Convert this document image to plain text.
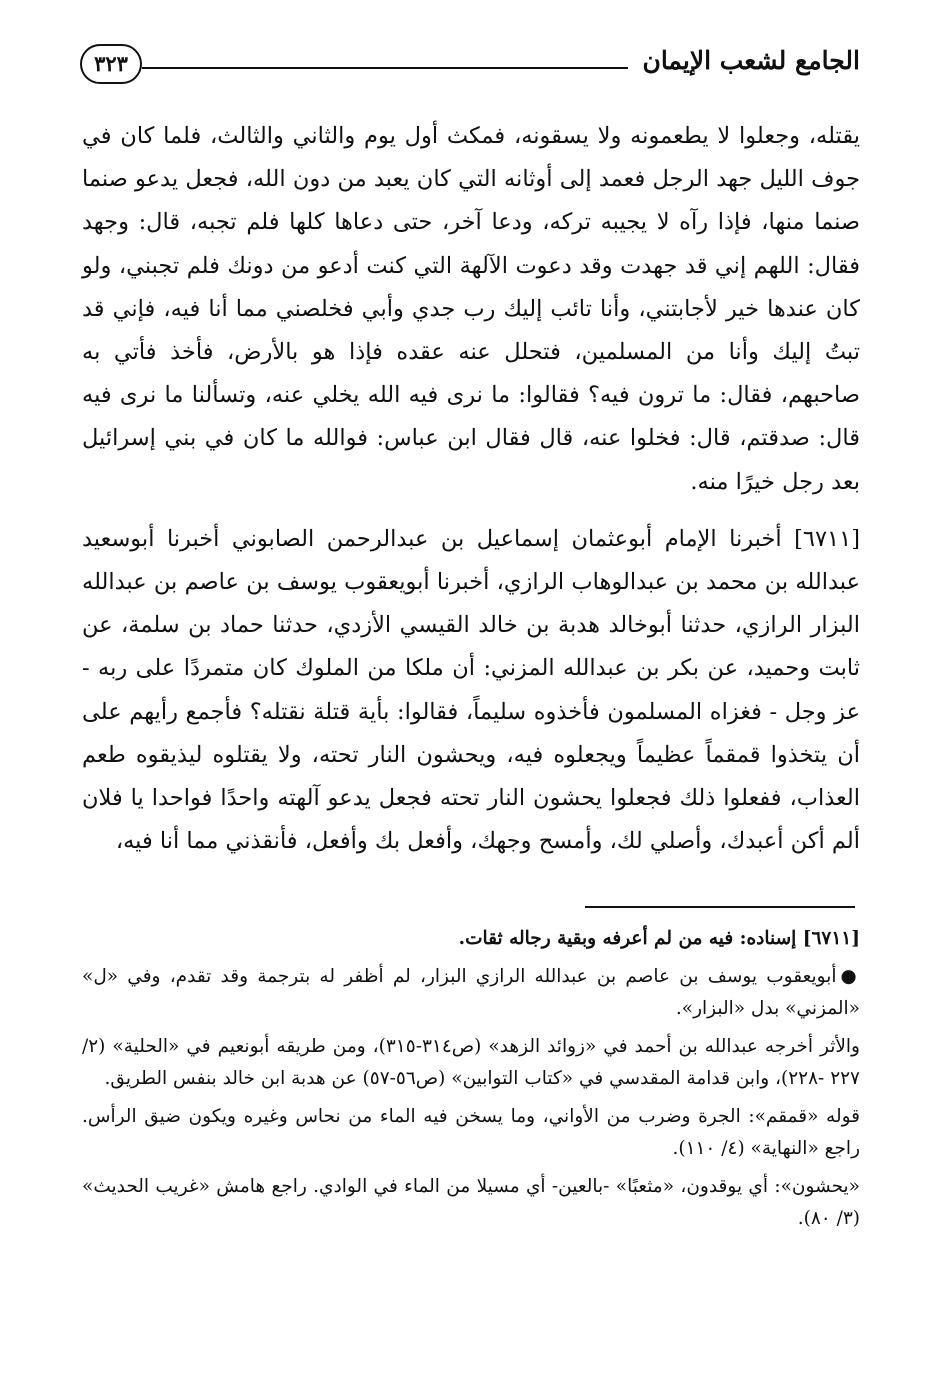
الجامع لشعب الإيمان
٣٢٣

يقتله، وجعلوا لا يطعمونه ولا يسقونه، فمكث أول يوم والثاني والثالث، فلما كان في جوف الليل جهد الرجل فعمد إلى أوثانه التي كان يعبد من دون الله، فجعل يدعو صنما صنما منها، فإذا رآه لا يجيبه تركه، ودعا آخر، حتى دعاها كلها فلم تجبه، قال: وجهد فقال: اللهم إني قد جهدت وقد دعوت الآلهة التي كنت أدعو من دونك فلم تجبني، ولو كان عندها خير لأجابتني، وأنا تائب إليك رب جدي وأبي فخلصني مما أنا فيه، فإني قد تبتُ إليك وأنا من المسلمين، فتحلل عنه عقده فإذا هو بالأرض، فأخذ فأتي به صاحبهم، فقال: ما ترون فيه؟ فقالوا: ما نرى فيه الله يخلي عنه، وتسألنا ما نرى فيه قال: صدقتم، قال: فخلوا عنه، قال فقال ابن عباس: فوالله ما كان في بني إسرائيل بعد رجل خيرًا منه.

[٦٧١١] أخبرنا الإمام أبوعثمان إسماعيل بن عبدالرحمن الصابوني أخبرنا أبوسعيد عبدالله بن محمد بن عبدالوهاب الرازي، أخبرنا أبويعقوب يوسف بن عاصم بن عبدالله البزار الرازي، حدثنا أبوخالد هدبة بن خالد القيسي الأزدي، حدثنا حماد بن سلمة، عن ثابت وحميد، عن بكر بن عبدالله المزني: أن ملكا من الملوك كان متمردًا على ربه - عز وجل - فغزاه المسلمون فأخذوه سليماً، فقالوا: بأية قتلة نقتله؟ فأجمع رأيهم على أن يتخذوا قمقماً عظيماً ويجعلوه فيه، ويحشون النار تحته، ولا يقتلوه ليذيقوه طعم العذاب، ففعلوا ذلك فجعلوا يحشون النار تحته فجعل يدعو آلهته واحدًا فواحدا يا فلان ألم أكن أعبدك، وأصلي لك، وأمسح وجهك، وأفعل بك وأفعل، فأنقذني مما أنا فيه،

[٦٧١١] إسناده: فيه من لم أعرفه وبقية رجاله ثقات.

●أبويعقوب يوسف بن عاصم بن عبدالله الرازي البزار، لم أظفر له بترجمة وقد تقدم، وفي «ل» «المزني» بدل «البزار».

والأثر أخرجه عبدالله بن أحمد في «زوائد الزهد» (ص٣١٤-٣١٥)، ومن طريقه أبونعيم في «الحلية» (٢/ ٢٢٧ -٢٢٨)، وابن قدامة المقدسي في «كتاب التوابين» (ص٥٦-٥٧) عن هدبة ابن خالد بنفس الطريق.

قوله «قمقم»: الجرة وضرب من الأواني، وما يسخن فيه الماء من نحاس وغيره ويكون ضيق الرأس. راجع «النهاية» (٤/ ١١٠).

«يحشون»: أي يوقدون، «مثعبًا» -بالعين- أي مسيلا من الماء في الوادي. راجع هامش «غريب الحديث» (٣/ ٨٠).
